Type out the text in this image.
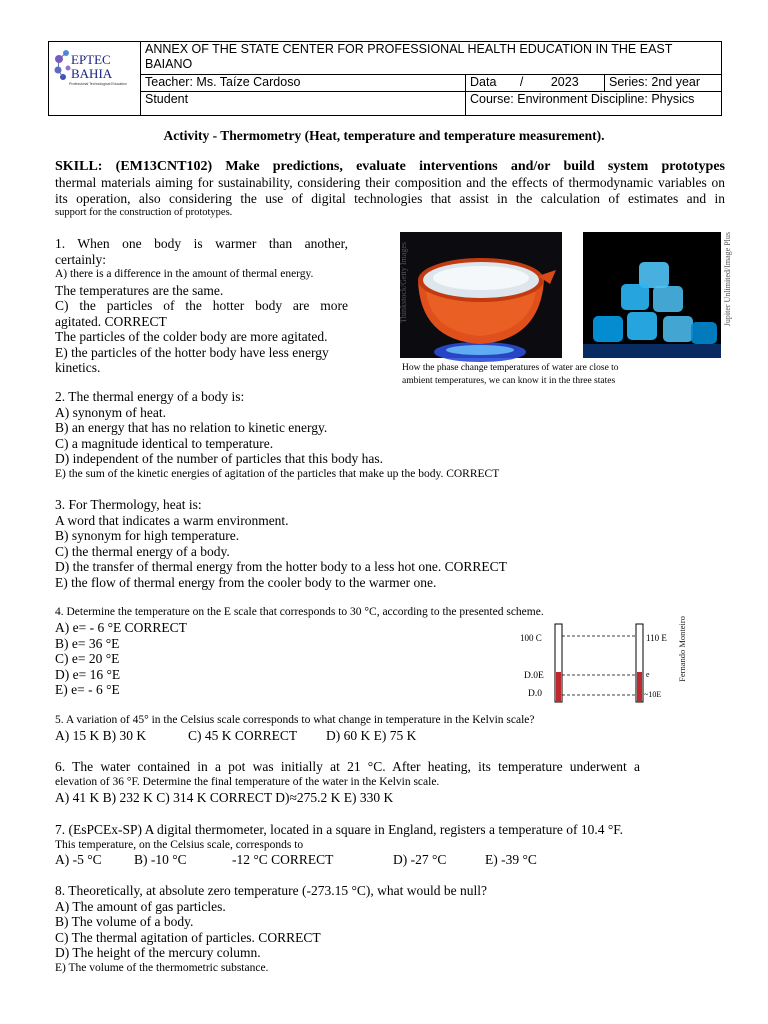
EPTEC
BAHIA
Professional Technological Education
ANNEX OF THE STATE CENTER FOR PROFESSIONAL HEALTH EDUCATION IN THE EAST BAIANO
Teacher: Ms. Taíze Cardoso	Data / 2023	Series: 2nd year
Student	Course: Environment Discipline: Physics
Activity - Thermometry (Heat, temperature and temperature measurement).
SKILL: (EM13CNT102) Make predictions, evaluate interventions and/or build system prototypes
thermal materials aiming for sustainability, considering their composition and the effects of thermodynamic variables on
its operation, also considering the use of digital technologies that assist in the calculation of estimates and in
support for the construction of prototypes.
Thinkstock/Getty Images	Jupiter Unlimited/Image Plus
How the phase change temperatures of water are close to
ambient temperatures, we can know it in the three states
1. When one body is warmer than another,
certainly:
A) there is a difference in the amount of thermal energy.
The temperatures are the same.
C) the particles of the hotter body are more
agitated. CORRECT
The particles of the colder body are more agitated.
E) the particles of the hotter body have less energy
kinetics.
2. The thermal energy of a body is:
A) synonym of heat.
B) an energy that has no relation to kinetic energy.
C) a magnitude identical to temperature.
D) independent of the number of particles that this body has.
E) the sum of the kinetic energies of agitation of the particles that make up the body. CORRECT
3. For Thermology, heat is:
A word that indicates a warm environment.
B) synonym for high temperature.
C) the thermal energy of a body.
D) the transfer of thermal energy from the hotter body to a less hot one. CORRECT
E) the flow of thermal energy from the cooler body to the warmer one.
4. Determine the temperature on the E scale that corresponds to 30 °C, according to the presented scheme.
A) e= - 6 °E CORRECT
B) e= 36 °E
C) e= 20 °E
D) e= 16 °E
E) e= - 6 °E
100 C
D.0E
D.0
110 E
e
~10E
Fernando Monteiro
5. A variation of 45° in the Celsius scale corresponds to what change in temperature in the Kelvin scale?
A) 15 K B) 30 K	C) 45 K CORRECT D) 60 K E) 75 K
6. The water contained in a pot was initially at 21 °C. After heating, its temperature underwent a
elevation of 36 °F. Determine the final temperature of the water in the Kelvin scale.
A) 41 K B) 232 K C) 314 K CORRECT D)≈275.2 K E) 330 K
7. (EsPCEx-SP) A digital thermometer, located in a square in England, registers a temperature of 10.4 °F.
This temperature, on the Celsius scale, corresponds to
A) -5 °C B) -10 °C	-12 °C CORRECT	D) -27 °C	E) -39 °C
8. Theoretically, at absolute zero temperature (-273.15 °C), what would be null?
A) The amount of gas particles.
B) The volume of a body.
C) The thermal agitation of particles. CORRECT
D) The height of the mercury column.
E) The volume of the thermometric substance.
